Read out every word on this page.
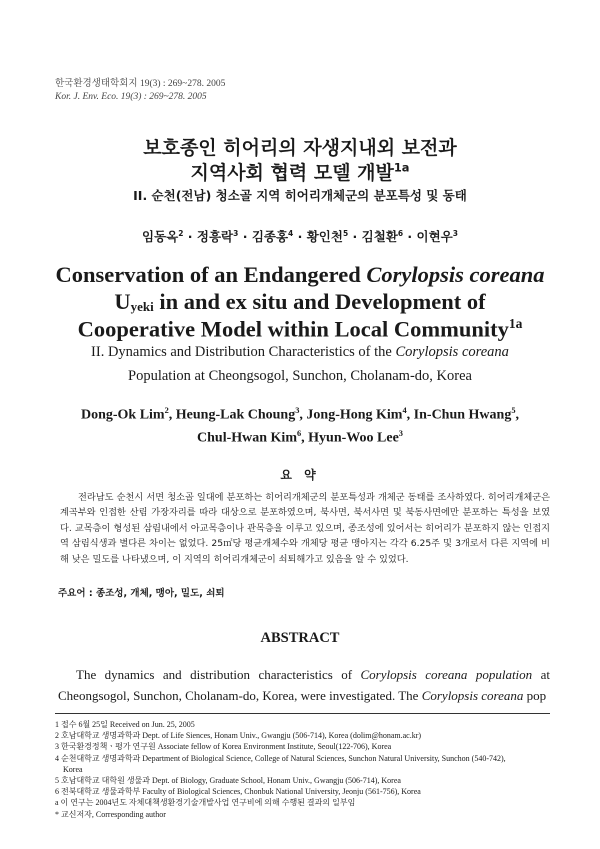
한국환경생태학회지 19(3) : 269~278. 2005
Kor. J. Env. Eco. 19(3) : 269~278. 2005
보호종인 히어리의 자생지내외 보전과
지역사회 협력 모델 개발$^{1a}$
II. 순천(전남) 청소골 지역 히어리개체군의 분포특성 및 동태
임동옥$^2$ · 정흥락$^3$ · 김종홍$^4$ · 황인천$^5$ · 김철환$^6$ · 이현우$^3$
Conservation of an Endangered Corylopsis coreana
Uyeki in and ex situ and Development of
Cooperative Model within Local Community$^{1a}$
II. Dynamics and Distribution Characteristics of the Corylopsis coreana
Population at Cheongsogol, Sunchon, Cholanam-do, Korea
Dong-Ok Lim$^2$, Heung-Lak Choung$^3$, Jong-Hong Kim$^4$, In-Chun Hwang$^5$,
Chul-Hwan Kim$^6$, Hyun-Woo Lee$^3$
요 약

전라남도 순천시 서면 청소골 일대에 분포하는 히어리개체군의 분포특성과 개체군 동태를 조사하였다. 히어리개체군은 계곡부와 인접한 산림 가장자리를 따라 대상으로 분포하였으며, 북사면, 북서사면 및 북동사면에만 분포하는 특성을 보였다. 교목층이 형성된 삼림내에서 아교목층이나 관목층을 이루고 있으며, 종조성에 있어서는 히어리가 분포하지 않는 인접지역 삼림식생과 별다른 차이는 없었다. 25㎡당 평균개체수와 개체당 평균 맹아지는 각각 6.25주 및 3개로서 다른 지역에 비해 낮은 밀도를 나타냈으며, 이 지역의 히어리개체군이 쇠퇴해가고 있음을 알 수 있었다.

주요어 : 종조성, 개체, 맹아, 밀도, 쇠퇴
ABSTRACT

The dynamics and distribution characteristics of Corylopsis coreana population at Cheongsogol, Sunchon, Cholanam-do, Korea, were investigated. The Corylopsis coreana pop

1 접수 6월 25일 Received on Jun. 25, 2005
2 호남대학교 생명과학과 Dept. of Life Siences, Honam Univ., Gwangju (506-714), Korea (dolim@honam.ac.kr)
3 한국환경정책ㆍ평가 연구원 Associate fellow of Korea Environment Institute, Seoul(122-706), Korea
4 순천대학교 생명과학과 Department of Biological Science, College of Natural Sciences, Sunchon Natural University, Sunchon (540-742),
Korea
5 호남대학교 대학원 생물과 Dept. of Biology, Graduate School, Honam Univ., Gwangju (506-714), Korea
6 전북대학교 생물과학부 Faculty of Biological Sciences, Chonbuk National University, Jeonju (561-756), Korea
a 이 연구는 2004년도 자체대책생환경기술개발사업 연구비에 의해 수행된 결과의 일부임
* 교신저자, Corresponding author
